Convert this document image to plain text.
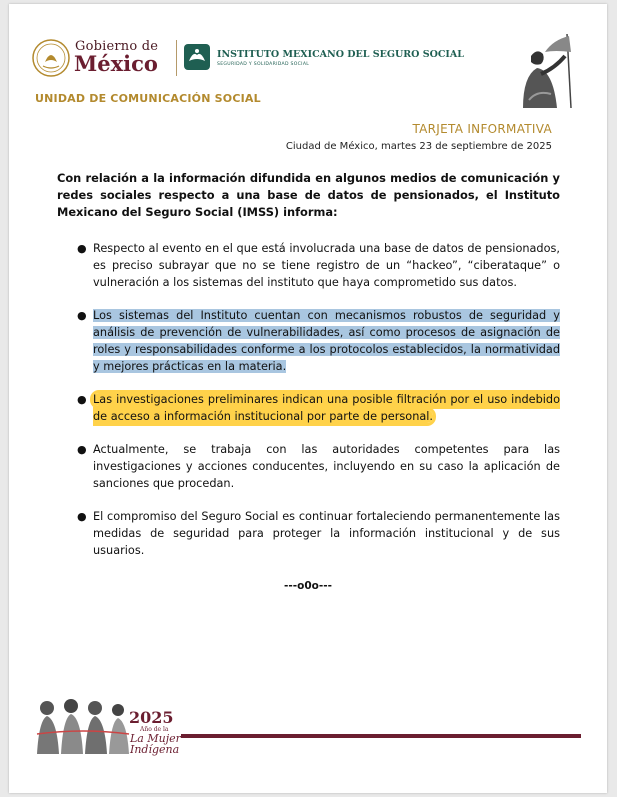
Gobierno de
México	INSTITUTO MEXICANO DEL SEGURO SOCIAL
SEGURIDAD Y SOLIDARIDAD SOCIAL
UNIDAD DE COMUNICACIÓN SOCIAL
TARJETA INFORMATIVA
Ciudad de México, martes 23 de septiembre de 2025

Con relación a la información difundida en algunos medios de comunicación y redes sociales respecto a una base de datos de pensionados, el Instituto Mexicano del Seguro Social (IMSS) informa:

● Respecto al evento en el que está involucrada una base de datos de pensionados, es preciso subrayar que no se tiene registro de un “hackeo”, “ciberataque” o vulneración a los sistemas del instituto que haya comprometido sus datos.
● Los sistemas del Instituto cuentan con mecanismos robustos de seguridad y análisis de prevención de vulnerabilidades, así como procesos de asignación de roles y responsabilidades conforme a los protocolos establecidos, la normatividad y mejores prácticas en la materia.
● Las investigaciones preliminares indican una posible filtración por el uso indebido de acceso a información institucional por parte de personal.
● Actualmente, se trabaja con las autoridades competentes para las investigaciones y acciones conducentes, incluyendo en su caso la aplicación de sanciones que procedan.
● El compromiso del Seguro Social es continuar fortaleciendo permanentemente las medidas de seguridad para proteger la información institucional y de sus usuarios.
---o0o---
2025
Año de la
La Mujer
Indígena
